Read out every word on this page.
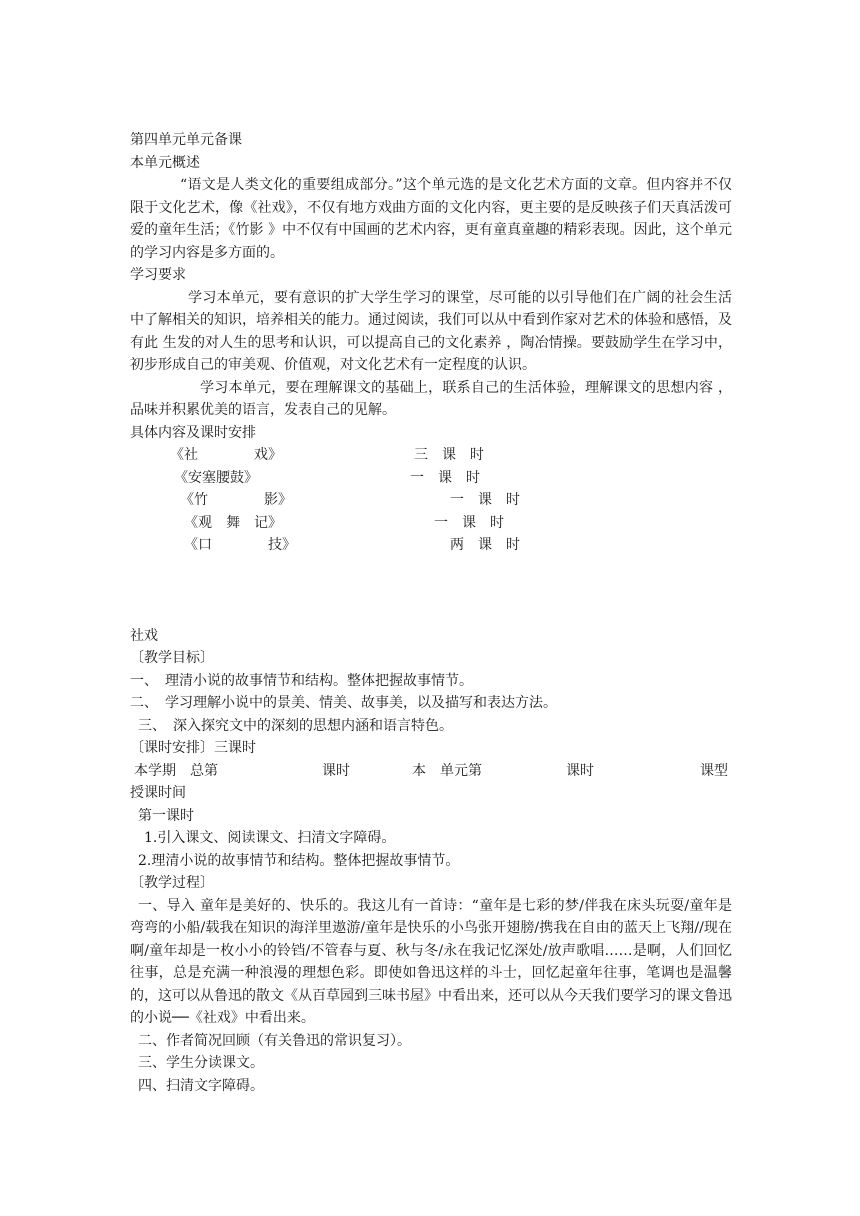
第四单元单元备课
本单元概述
“语文是人类文化的重要组成部分。”这个单元选的是文化艺术方面的文章。但内容并不仅限于文化艺术，像《社戏》，不仅有地方戏曲方面的文化内容，更主要的是反映孩子们天真活泼可爱的童年生活；《竹影 》中不仅有中国画的艺术内容，更有童真童趣的精彩表现。因此，这个单元的学习内容是多方面的。
学习要求
学习本单元，要有意识的扩大学生学习的课堂，尽可能的以引导他们在广阔的社会生活中了解相关的知识，培养相关的能力。通过阅读，我们可以从中看到作家对艺术的体验和感悟，及有此 生发的对人生的思考和认识，可以提高自己的文化素养 ，陶冶情操。要鼓励学生在学习中，初步形成自己的审美观、价值观，对文化艺术有一定程度的认识。
学习本单元，要在理解课文的基础上，联系自己的生活体验，理解课文的思想内容 ，品味并积累优美的语言，发表自己的见解。
具体内容及课时安排
《社　　　　戏》	三　课　时
《安塞腰鼓》	一　课　时
《竹　　　　影》	一　课　时
《观　舞　记》	一　课　时
《口　　　　技》	两　课　时
社戏
〔教学目标〕
一、　理清小说的故事情节和结构。整体把握故事情节。
二、　学习理解小说中的景美、情美、故事美，以及描写和表达方法。
三、　深入探究文中的深刻的思想内涵和语言特色。
〔课时安排〕三课时
本学期　总第	课时	本　单元第	课时	课型
授课时间
第一课时
1.引入课文、阅读课文、扫清文字障碍。
2.理清小说的故事情节和结构。整体把握故事情节。
〔教学过程〕
一、导入 童年是美好的、快乐的。我这儿有一首诗：“童年是七彩的梦/伴我在床头玩耍/童年是弯弯的小船/载我在知识的海洋里遨游/童年是快乐的小鸟张开翅膀/携我在自由的蓝天上飞翔//现在啊/童年却是一枚小小的铃铛/不管春与夏、秋与冬/永在我记忆深处/放声歌唱……是啊，人们回忆往事，总是充满一种浪漫的理想色彩。即使如鲁迅这样的斗士，回忆起童年往事，笔调也是温馨的，这可以从鲁迅的散文《从百草园到三味书屋》中看出来，还可以从今天我们要学习的课文鲁迅的小说──《社戏》中看出来。
二、作者简况回顾（有关鲁迅的常识复习）。
三、学生分读课文。
四、扫清文字障碍。
